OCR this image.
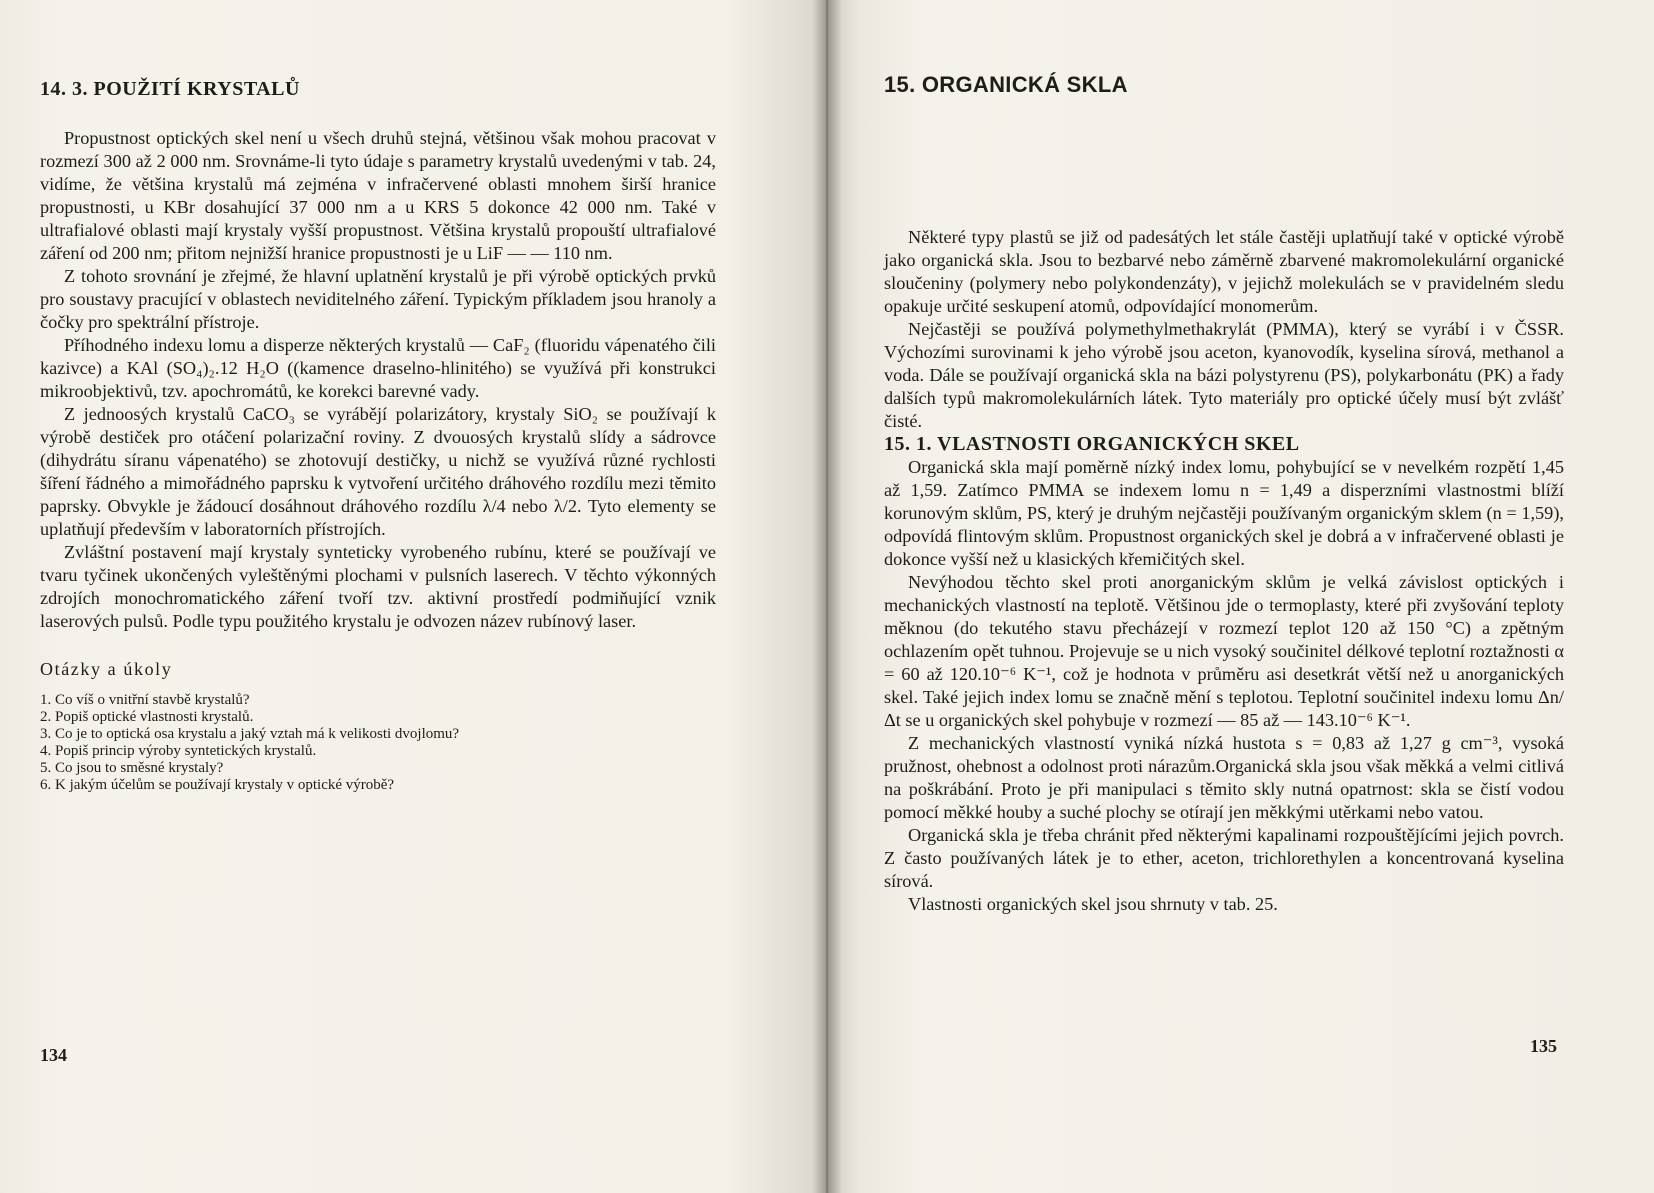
14. 3. POUŽITÍ KRYSTALŮ

Propustnost optických skel není u všech druhů stejná, většinou však mohou pracovat v rozmezí 300 až 2 000 nm. Srovnáme-li tyto údaje s parametry krystalů uvedenými v tab. 24, vidíme, že většina krystalů má zejména v infračervené oblasti mnohem širší hranice propustnosti, u KBr dosahující 37 000 nm a u KRS 5 dokonce 42 000 nm. Také v ultrafialové oblasti mají krystaly vyšší propustnost. Většina krystalů propouští ultrafialové záření od 200 nm; přitom nejnižší hranice propustnosti je u LiF — — 110 nm.

Z tohoto srovnání je zřejmé, že hlavní uplatnění krystalů je při výrobě optických prvků pro soustavy pracující v oblastech neviditelného záření. Typickým příkladem jsou hranoly a čočky pro spektrální přístroje.

Příhodného indexu lomu a disperze některých krystalů — CaF₂ (fluoridu vápenatého čili kazivce) a KAl (SO₄)₂.12 H₂O ((kamence draselno-hlinitého) se využívá při konstrukci mikroobjektivů, tzv. apochromátů, ke korekci barevné vady.

Z jednoosých krystalů CaCO₃ se vyrábějí polarizátory, krystaly SiO₂ se používají k výrobě destiček pro otáčení polarizační roviny. Z dvouosých krystalů slídy a sádrovce (dihydrátu síranu vápenatého) se zhotovují destičky, u nichž se využívá různé rychlosti šíření řádného a mimořádného paprsku k vytvoření určitého dráhového rozdílu mezi těmito paprsky. Obvykle je žádoucí dosáhnout dráhového rozdílu λ/4 nebo λ/2. Tyto elementy se uplatňují především v laboratorních přístrojích.

Zvláštní postavení mají krystaly synteticky vyrobeného rubínu, které se používají ve tvaru tyčinek ukončených vyleštěnými plochami v pulsních laserech. V těchto výkonných zdrojích monochromatického záření tvoří tzv. aktivní prostředí podmiňující vznik laserových pulsů. Podle typu použitého krystalu je odvozen název rubínový laser.

Otázky a úkoly
1. Co víš o vnitřní stavbě krystalů?
2. Popiš optické vlastnosti krystalů.
3. Co je to optická osa krystalu a jaký vztah má k velikosti dvojlomu?
4. Popiš princip výroby syntetických krystalů.
5. Co jsou to směsné krystaly?
6. K jakým účelům se používají krystaly v optické výrobě?
134
15. ORGANICKÁ SKLA

Některé typy plastů se již od padesátých let stále častěji uplatňují také v optické výrobě jako organická skla. Jsou to bezbarvé nebo záměrně zbarvené makromolekulární organické sloučeniny (polymery nebo polykondenzáty), v jejichž molekulách se v pravidelném sledu opakuje určité seskupení atomů, odpovídající monomerům.

Nejčastěji se používá polymethylmethakrylát (PMMA), který se vyrábí i v ČSSR. Výchozími surovinami k jeho výrobě jsou aceton, kyanovodík, kyselina sírová, methanol a voda. Dále se používají organická skla na bázi polystyrenu (PS), polykarbonátu (PK) a řady dalších typů makromolekulárních látek. Tyto materiály pro optické účely musí být zvlášť čisté.

15. 1. VLASTNOSTI ORGANICKÝCH SKEL

Organická skla mají poměrně nízký index lomu, pohybující se v nevelkém rozpětí 1,45 až 1,59. Zatímco PMMA se indexem lomu n = 1,49 a disperzními vlastnostmi blíží korunovým sklům, PS, který je druhým nejčastěji používaným organickým sklem (n = 1,59), odpovídá flintovým sklům. Propustnost organických skel je dobrá a v infračervené oblasti je dokonce vyšší než u klasických křemičitých skel.

Nevýhodou těchto skel proti anorganickým sklům je velká závislost optických i mechanických vlastností na teplotě. Většinou jde o termoplasty, které při zvyšování teploty měknou (do tekutého stavu přecházejí v rozmezí teplot 120 až 150 °C) a zpětným ochlazením opět tuhnou. Projevuje se u nich vysoký součinitel délkové teplotní roztažnosti α = 60 až 120.10⁻⁶ K⁻¹, což je hodnota v průměru asi desetkrát větší než u anorganických skel. Také jejich index lomu se značně mění s teplotou. Teplotní součinitel indexu lomu Δn/Δt se u organických skel pohybuje v rozmezí — 85 až — 143.10⁻⁶ K⁻¹.

Z mechanických vlastností vyniká nízká hustota s = 0,83 až 1,27 g cm⁻³, vysoká pružnost, ohebnost a odolnost proti nárazům.Organická skla jsou však měkká a velmi citlivá na poškrábání. Proto je při manipulaci s těmito skly nutná opatrnost: skla se čistí vodou pomocí měkké houby a suché plochy se otírají jen měkkými utěrkami nebo vatou.

Organická skla je třeba chránit před některými kapalinami rozpouštějícími jejich povrch. Z často používaných látek je to ether, aceton, trichlorethylen a koncentrovaná kyselina sírová.

Vlastnosti organických skel jsou shrnuty v tab. 25.

135
